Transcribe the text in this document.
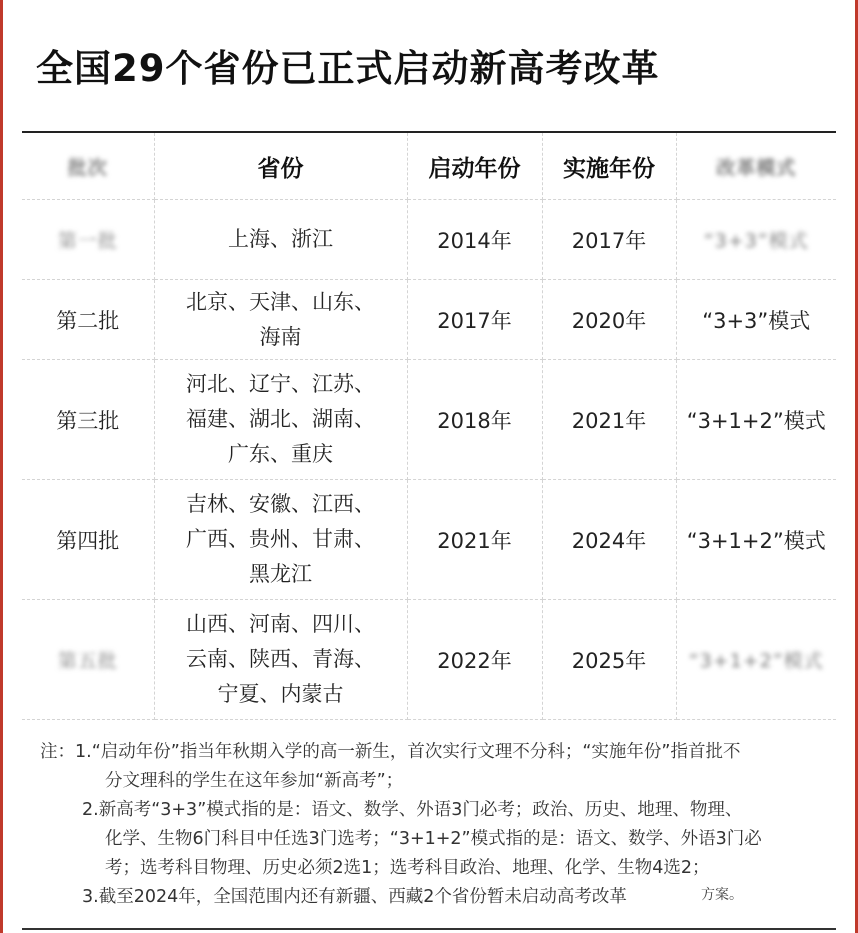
全国29个省份已正式启动新高考改革
批次	省份	启动年份	实施年份	改革模式
第一批	上海、浙江	2014年	2017年	“3+3”模式
第二批	北京、天津、山东、
海南	2017年	2020年	“3+3”模式
第三批	河北、辽宁、江苏、
福建、湖北、湖南、
广东、重庆	2018年	2021年	“3+1+2”模式
第四批	吉林、安徽、江西、
广西、贵州、甘肃、
黑龙江	2021年	2024年	“3+1+2”模式
第五批	山西、河南、四川、
云南、陕西、青海、
宁夏、内蒙古	2022年	2025年	“3+1+2”模式
注：1.“启动年份”指当年秋期入学的高一新生，首次实行文理不分科；“实施年份”指首批不
分文理科的学生在这年参加“新高考”；
2.新高考“3+3”模式指的是：语文、数学、外语3门必考；政治、历史、地理、物理、
化学、生物6门科目中任选3门选考；“3+1+2”模式指的是：语文、数学、外语3门必
考；选考科目物理、历史必须2选1；选考科目政治、地理、化学、生物4选2；
3.截至2024年，全国范围内还有新疆、西藏2个省份暂未启动高考改革	方案。
